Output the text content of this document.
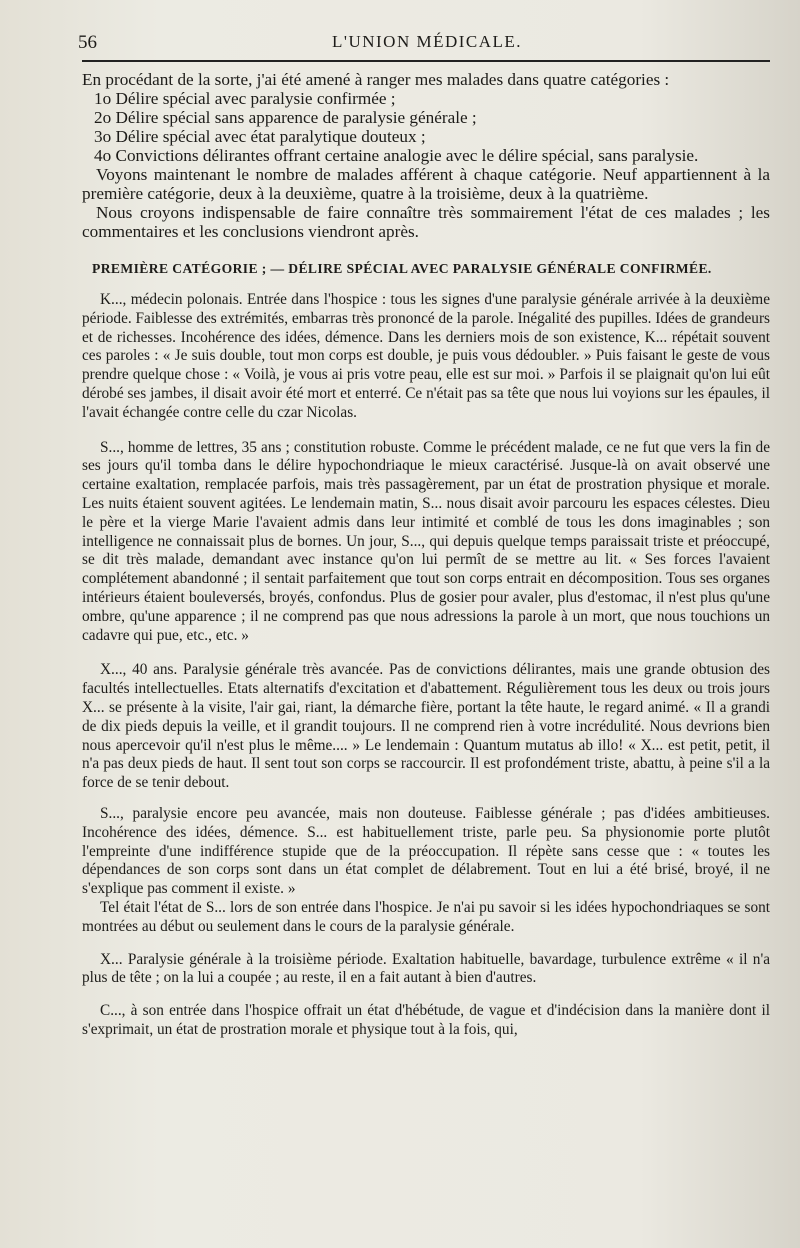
56	L'UNION MÉDICALE.

En procédant de la sorte, j'ai été amené à ranger mes malades dans quatre catégories :

1o Délire spécial avec paralysie confirmée ;

2o Délire spécial sans apparence de paralysie générale ;

3o Délire spécial avec état paralytique douteux ;

4o Convictions délirantes offrant certaine analogie avec le délire spécial, sans paralysie.

Voyons maintenant le nombre de malades afférent à chaque catégorie. Neuf appartiennent à la première catégorie, deux à la deuxième, quatre à la troisième, deux à la quatrième.

Nous croyons indispensable de faire connaître très sommairement l'état de ces malades ; les commentaires et les conclusions viendront après.

PREMIÈRE CATÉGORIE ; — DÉLIRE SPÉCIAL AVEC PARALYSIE GÉNÉRALE CONFIRMÉE.

K..., médecin polonais. Entrée dans l'hospice : tous les signes d'une paralysie générale arrivée à la deuxième période. Faiblesse des extrémités, embarras très prononcé de la parole. Inégalité des pupilles. Idées de grandeurs et de richesses. Incohérence des idées, démence. Dans les derniers mois de son existence, K... répétait souvent ces paroles : « Je suis double, tout mon corps est double, je puis vous dédoubler. » Puis faisant le geste de vous prendre quelque chose : « Voilà, je vous ai pris votre peau, elle est sur moi. » Parfois il se plaignait qu'on lui eût dérobé ses jambes, il disait avoir été mort et enterré. Ce n'était pas sa tête que nous lui voyions sur les épaules, il l'avait échangée contre celle du czar Nicolas.

S..., homme de lettres, 35 ans ; constitution robuste. Comme le précédent malade, ce ne fut que vers la fin de ses jours qu'il tomba dans le délire hypochondriaque le mieux caractérisé. Jusque-là on avait observé une certaine exaltation, remplacée parfois, mais très passagèrement, par un état de prostration physique et morale. Les nuits étaient souvent agitées. Le lendemain matin, S... nous disait avoir parcouru les espaces célestes. Dieu le père et la vierge Marie l'avaient admis dans leur intimité et comblé de tous les dons imaginables ; son intelligence ne connaissait plus de bornes. Un jour, S..., qui depuis quelque temps paraissait triste et préoccupé, se dit très malade, demandant avec instance qu'on lui permît de se mettre au lit. « Ses forces l'avaient complétement abandonné ; il sentait parfaitement que tout son corps entrait en décomposition. Tous ses organes intérieurs étaient bouleversés, broyés, confondus. Plus de gosier pour avaler, plus d'estomac, il n'est plus qu'une ombre, qu'une apparence ; il ne comprend pas que nous adressions la parole à un mort, que nous touchions un cadavre qui pue, etc., etc. »

X..., 40 ans. Paralysie générale très avancée. Pas de convictions délirantes, mais une grande obtusion des facultés intellectuelles. Etats alternatifs d'excitation et d'abattement. Régulièrement tous les deux ou trois jours X... se présente à la visite, l'air gai, riant, la démarche fière, portant la tête haute, le regard animé. « Il a grandi de dix pieds depuis la veille, et il grandit toujours. Il ne comprend rien à votre incrédulité. Nous devrions bien nous apercevoir qu'il n'est plus le même.... » Le lendemain : Quantum mutatus ab illo! « X... est petit, petit, il n'a pas deux pieds de haut. Il sent tout son corps se raccourcir. Il est profondément triste, abattu, à peine s'il a la force de se tenir debout.

S..., paralysie encore peu avancée, mais non douteuse. Faiblesse générale ; pas d'idées ambitieuses. Incohérence des idées, démence. S... est habituellement triste, parle peu. Sa physionomie porte plutôt l'empreinte d'une indifférence stupide que de la préoccupation. Il répète sans cesse que : « toutes les dépendances de son corps sont dans un état complet de délabrement. Tout en lui a été brisé, broyé, il ne s'explique pas comment il existe. »

Tel était l'état de S... lors de son entrée dans l'hospice. Je n'ai pu savoir si les idées hypochondriaques se sont montrées au début ou seulement dans le cours de la paralysie générale.

X... Paralysie générale à la troisième période. Exaltation habituelle, bavardage, turbulence extrême « il n'a plus de tête ; on la lui a coupée ; au reste, il en a fait autant à bien d'autres.

C..., à son entrée dans l'hospice offrait un état d'hébétude, de vague et d'indécision dans la manière dont il s'exprimait, un état de prostration morale et physique tout à la fois, qui,
